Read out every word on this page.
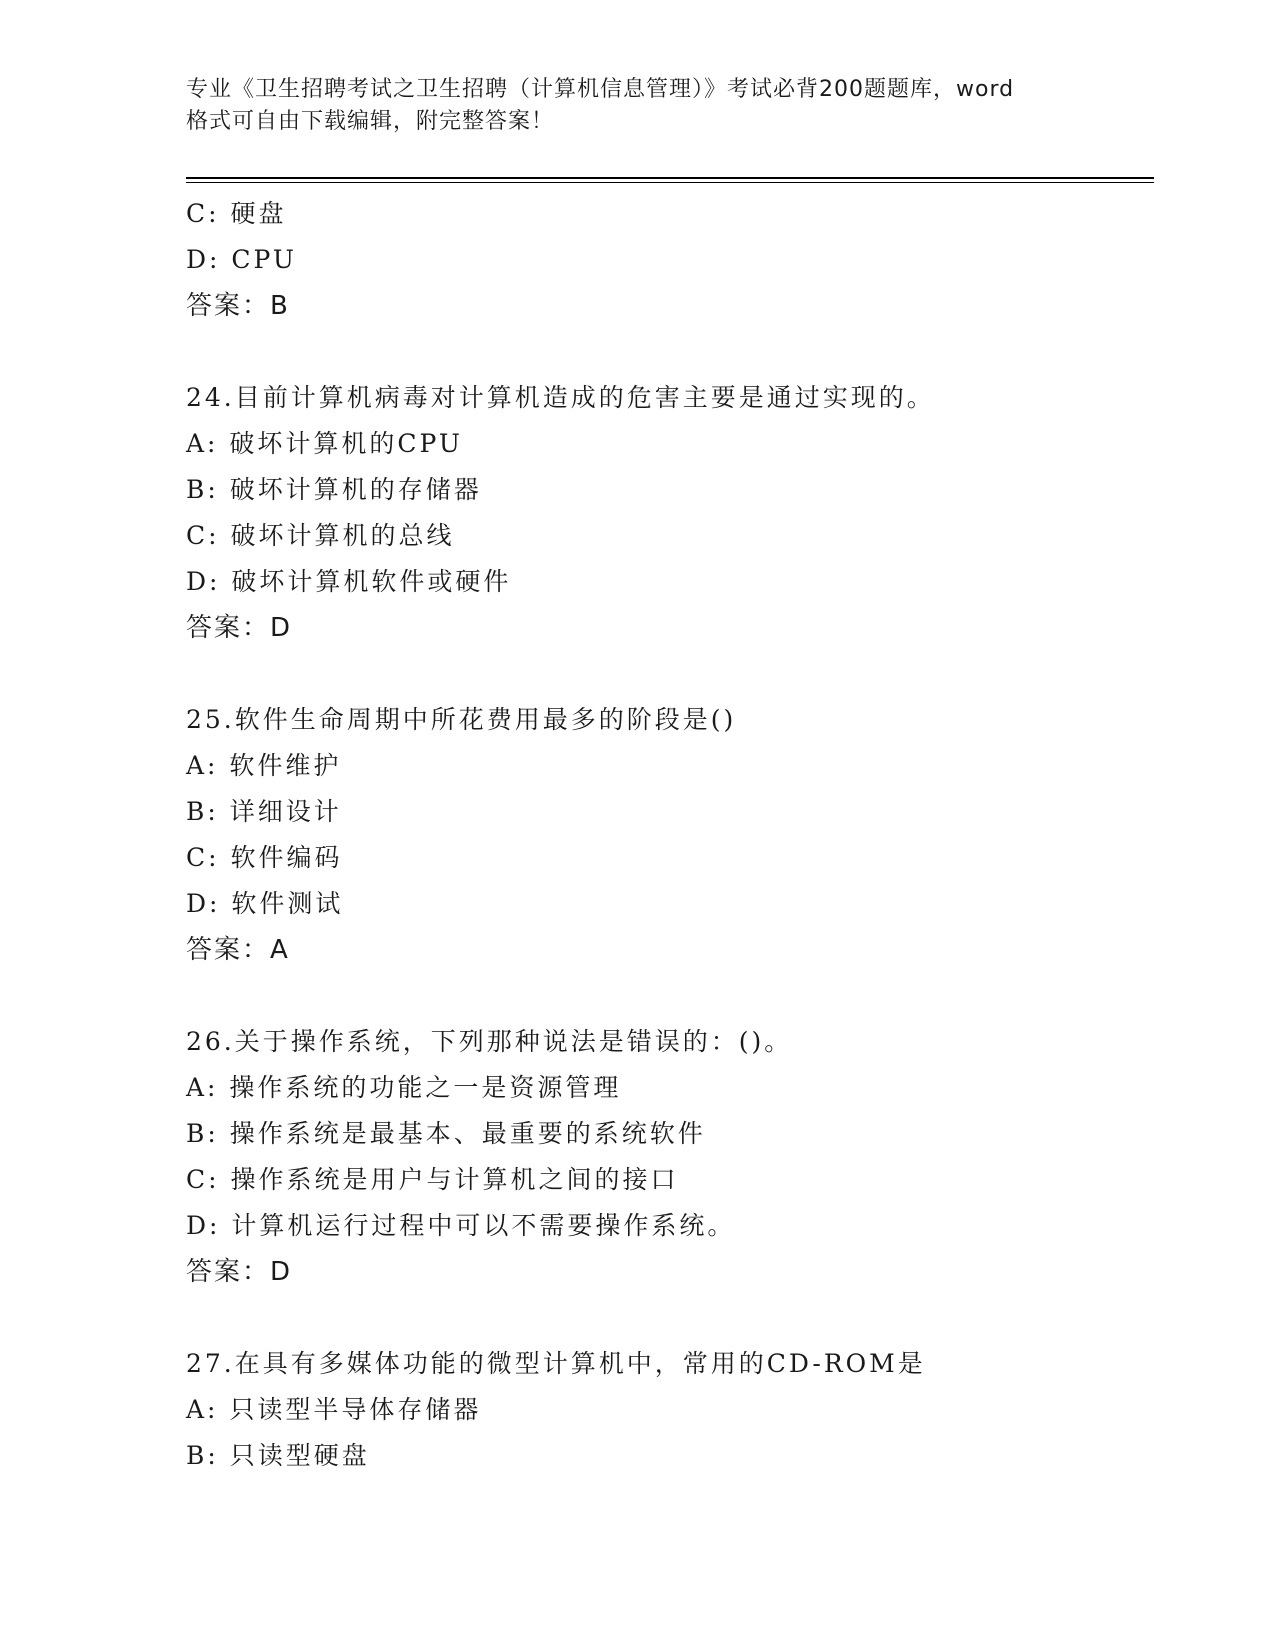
专业《卫生招聘考试之卫生招聘（计算机信息管理）》考试必背200题题库，word
格式可自由下载编辑，附完整答案！
C: 硬盘
D: CPU
答案：B
24.目前计算机病毒对计算机造成的危害主要是通过实现的。
A: 破坏计算机的CPU
B: 破坏计算机的存储器
C: 破坏计算机的总线
D: 破坏计算机软件或硬件
答案：D
25.软件生命周期中所花费用最多的阶段是()
A: 软件维护
B: 详细设计
C: 软件编码
D: 软件测试
答案：A
26.关于操作系统，下列那种说法是错误的：()。
A: 操作系统的功能之一是资源管理
B: 操作系统是最基本、最重要的系统软件
C: 操作系统是用户与计算机之间的接口
D: 计算机运行过程中可以不需要操作系统。
答案：D
27.在具有多媒体功能的微型计算机中，常用的CD-ROM是
A: 只读型半导体存储器
B: 只读型硬盘
